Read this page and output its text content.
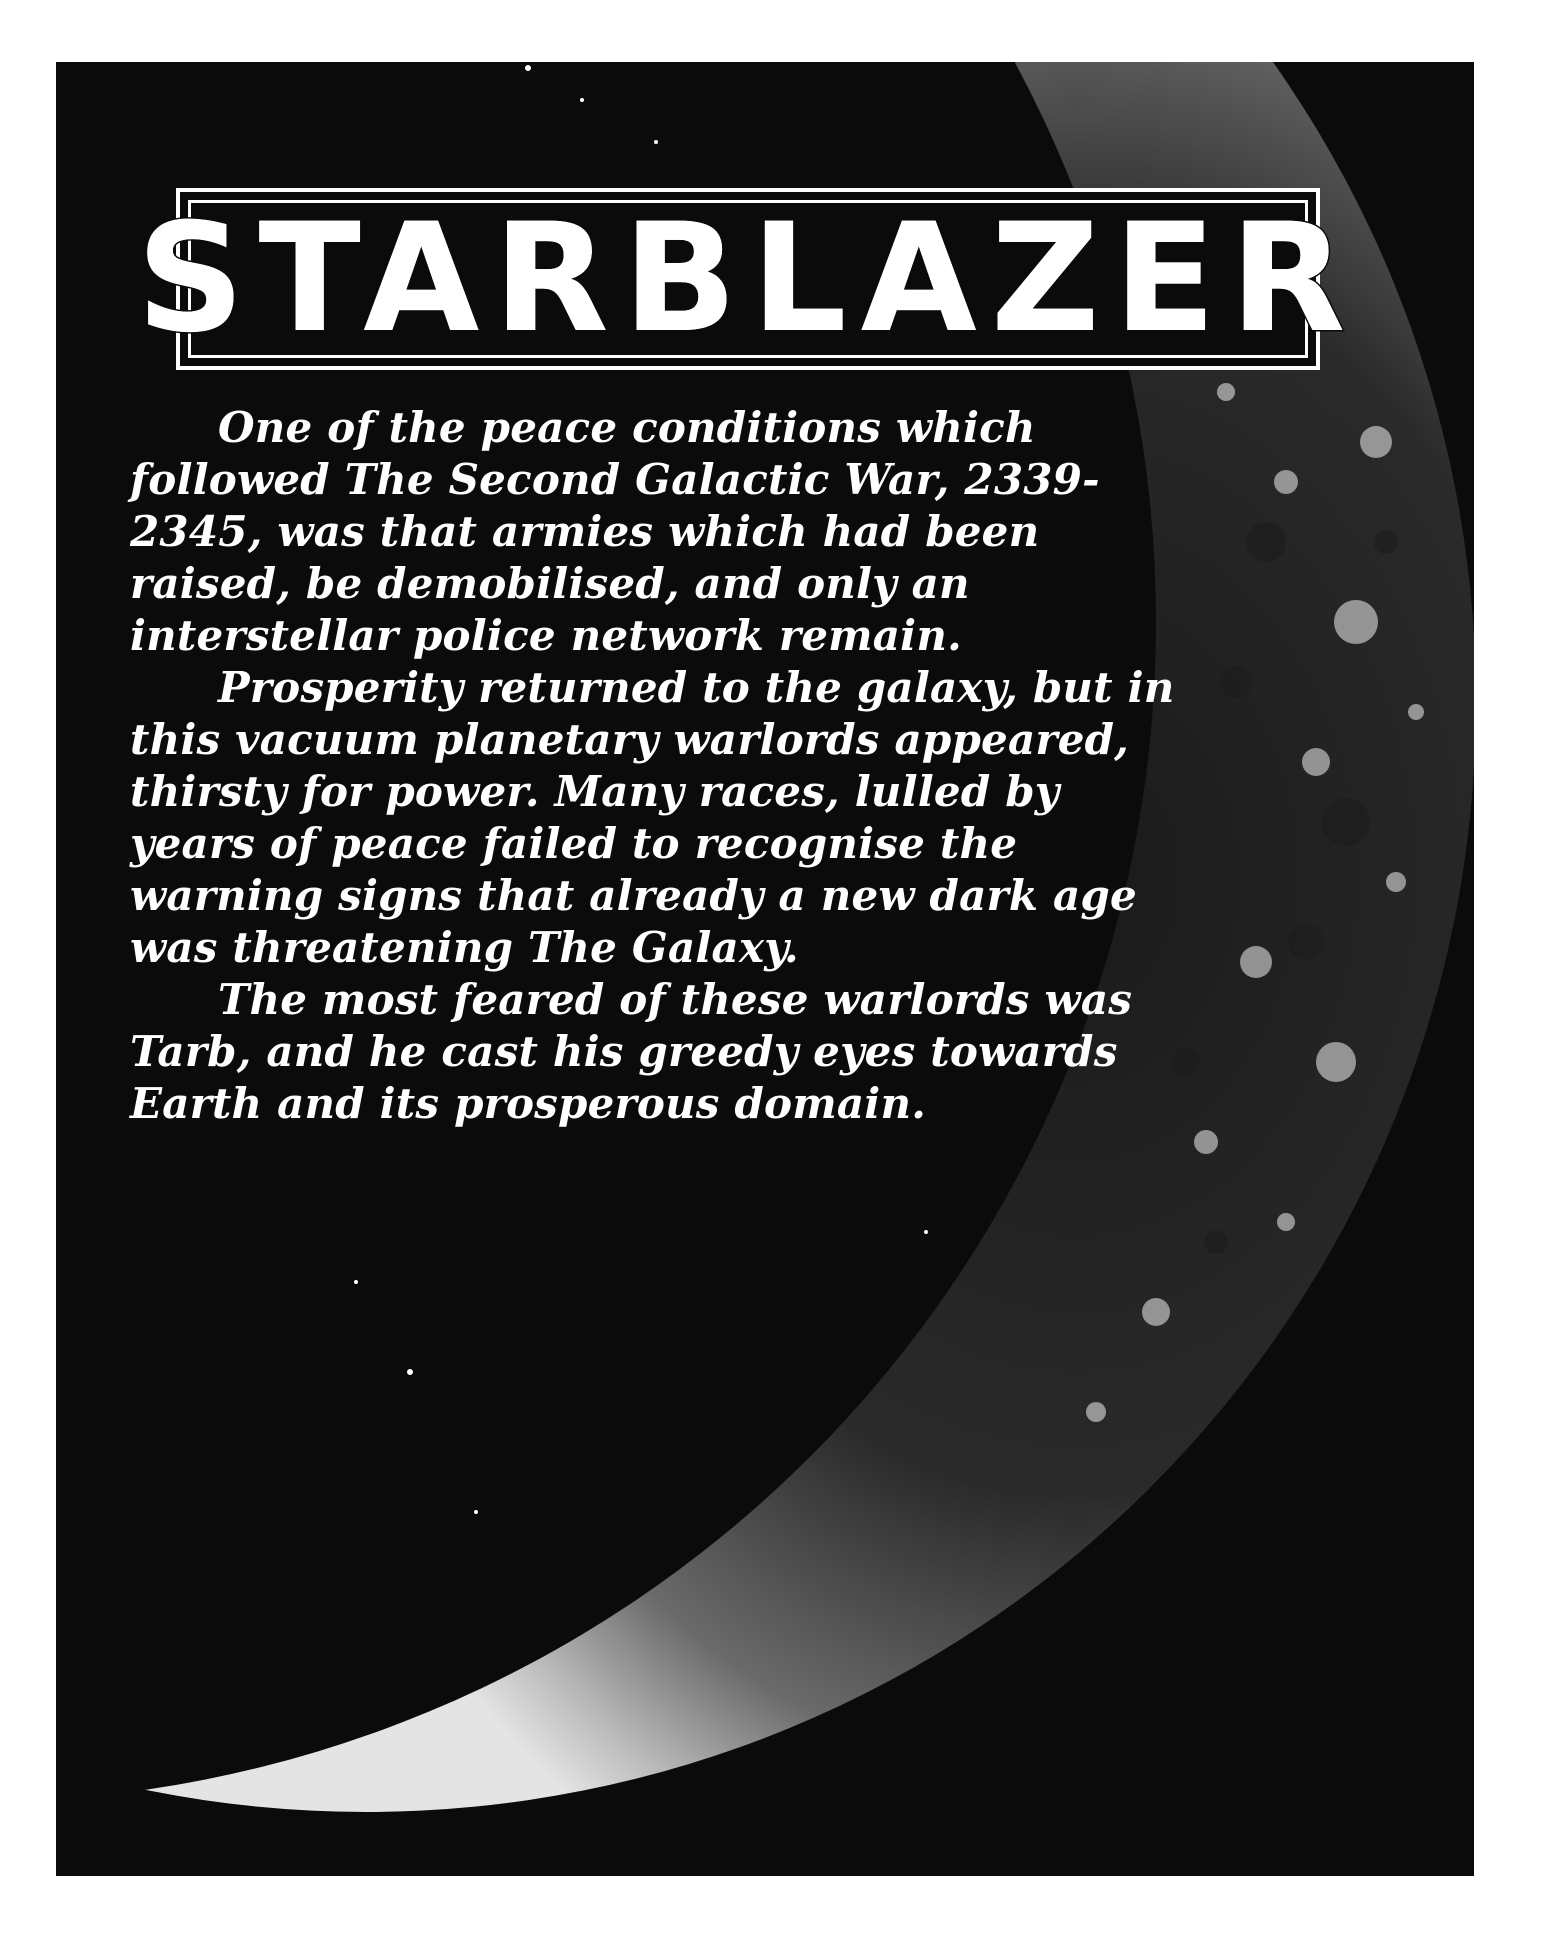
STARBLAZER

One of the peace conditions which followed The Second Galactic War, 2339-2345, was that armies which had been raised, be demobilised, and only an interstellar police network remain.

Prosperity returned to the galaxy, but in this vacuum planetary warlords appeared, thirsty for power. Many races, lulled by years of peace failed to recognise the warning signs that already a new dark age was threatening The Galaxy.

The most feared of these warlords was Tarb, and he cast his greedy eyes towards Earth and its prosperous domain.
